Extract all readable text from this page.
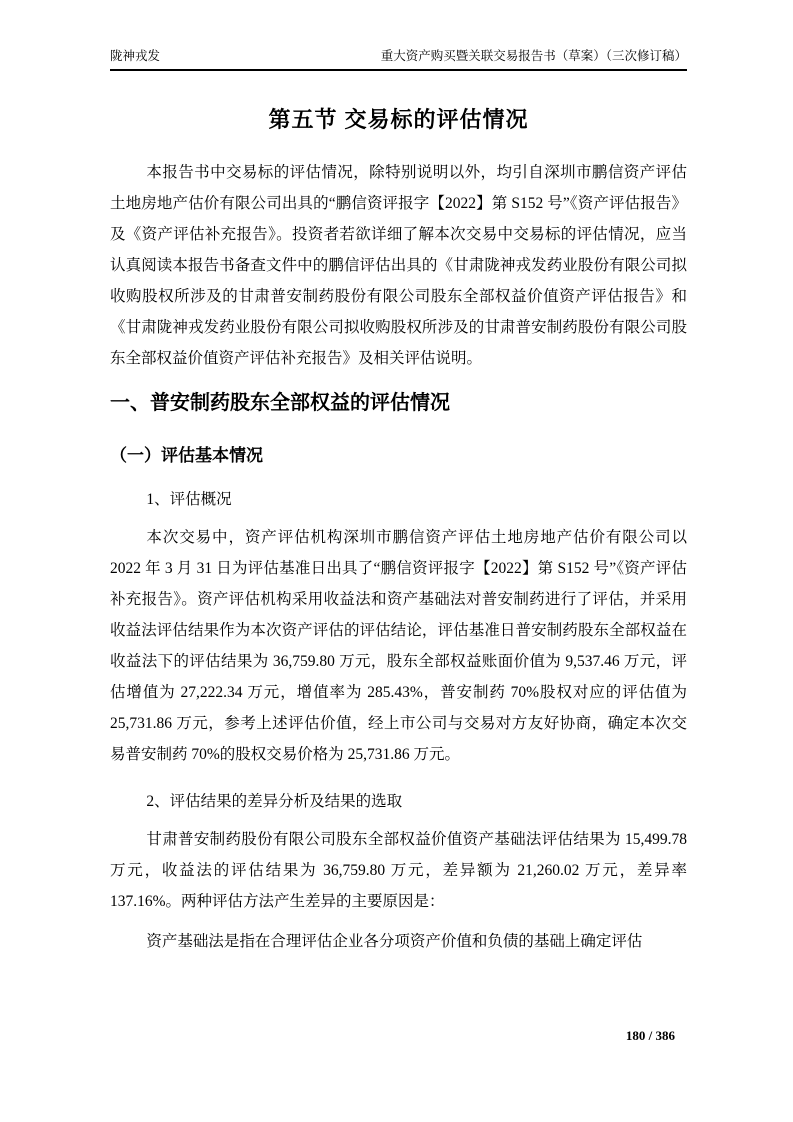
陇神戎发	重大资产购买暨关联交易报告书（草案）（三次修订稿）
第五节 交易标的评估情况

本报告书中交易标的评估情况，除特别说明以外，均引自深圳市鹏信资产评估土地房地产估价有限公司出具的“鹏信资评报字【2022】第 S152 号”《资产评估报告》及《资产评估补充报告》。投资者若欲详细了解本次交易中交易标的评估情况，应当认真阅读本报告书备查文件中的鹏信评估出具的《甘肃陇神戎发药业股份有限公司拟收购股权所涉及的甘肃普安制药股份有限公司股东全部权益价值资产评估报告》和《甘肃陇神戎发药业股份有限公司拟收购股权所涉及的甘肃普安制药股份有限公司股东全部权益价值资产评估补充报告》及相关评估说明。

一、普安制药股东全部权益的评估情况
（一）评估基本情况

1、评估概况

本次交易中，资产评估机构深圳市鹏信资产评估土地房地产估价有限公司以 2022 年 3 月 31 日为评估基准日出具了“鹏信资评报字【2022】第 S152 号”《资产评估补充报告》。资产评估机构采用收益法和资产基础法对普安制药进行了评估，并采用收益法评估结果作为本次资产评估的评估结论，评估基准日普安制药股东全部权益在收益法下的评估结果为 36,759.80 万元，股东全部权益账面价值为 9,537.46 万元，评估增值为 27,222.34 万元，增值率为 285.43%，普安制药 70%股权对应的评估值为 25,731.86 万元，参考上述评估价值，经上市公司与交易对方友好协商，确定本次交易普安制药 70%的股权交易价格为 25,731.86 万元。

2、评估结果的差异分析及结果的选取

甘肃普安制药股份有限公司股东全部权益价值资产基础法评估结果为 15,499.78 万元，收益法的评估结果为 36,759.80 万元，差异额为 21,260.02 万元，差异率 137.16%。两种评估方法产生差异的主要原因是：

资产基础法是指在合理评估企业各分项资产价值和负债的基础上确定评估

180 / 386
